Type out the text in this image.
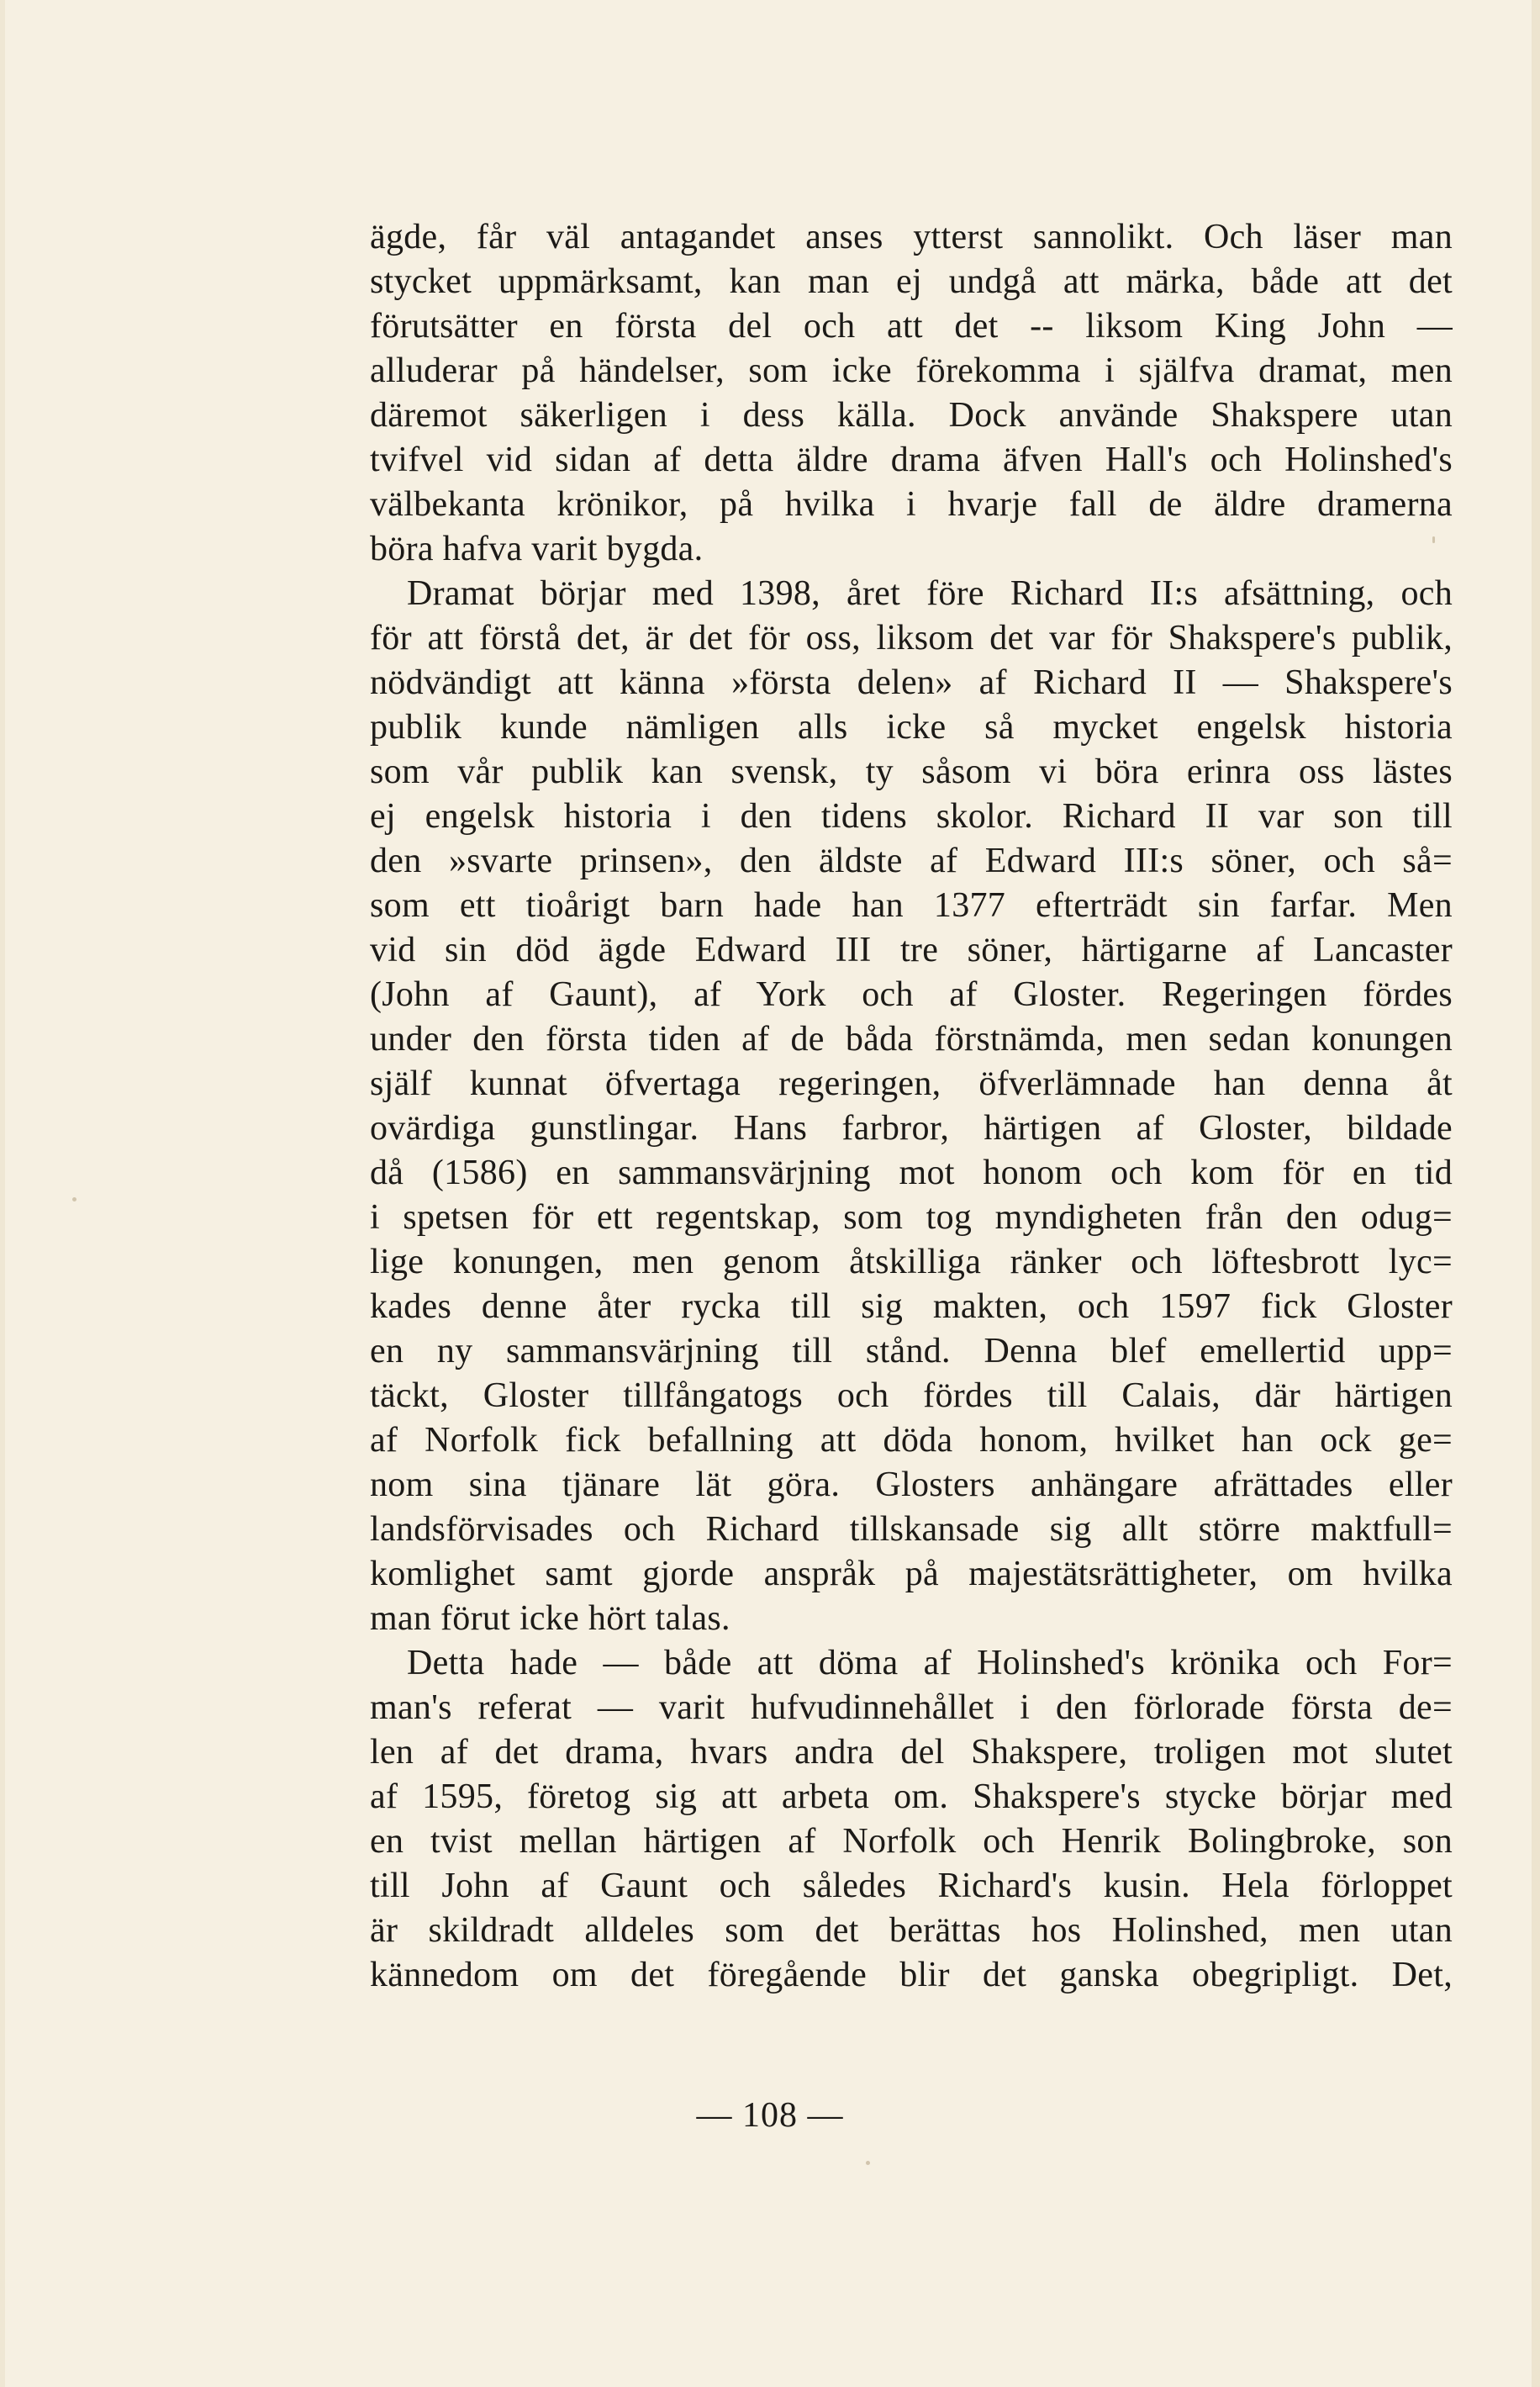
ägde, får väl antagandet anses ytterst sannolikt. Och läser man
stycket uppmärksamt, kan man ej undgå att märka, både att det
förutsätter en första del och att det -- liksom King John —
alluderar på händelser, som icke förekomma i själfva dramat, men
däremot säkerligen i dess källa. Dock använde Shakspere utan
tvifvel vid sidan af detta äldre drama äfven Hall's och Holinshed's
välbekanta krönikor, på hvilka i hvarje fall de äldre dramerna
böra hafva varit bygda.
Dramat börjar med 1398, året före Richard II:s afsättning, och
för att förstå det, är det för oss, liksom det var för Shakspere's publik,
nödvändigt att känna »första delen» af Richard II — Shakspere's
publik kunde nämligen alls icke så mycket engelsk historia
som vår publik kan svensk, ty såsom vi böra erinra oss lästes
ej engelsk historia i den tidens skolor. Richard II var son till
den »svarte prinsen», den äldste af Edward III:s söner, och så=
som ett tioårigt barn hade han 1377 efterträdt sin farfar. Men
vid sin död ägde Edward III tre söner, härtigarne af Lancaster
(John af Gaunt), af York och af Gloster. Regeringen fördes
under den första tiden af de båda förstnämda, men sedan konungen
själf kunnat öfvertaga regeringen, öfverlämnade han denna åt
ovärdiga gunstlingar. Hans farbror, härtigen af Gloster, bildade
då (1586) en sammansvärjning mot honom och kom för en tid
i spetsen för ett regentskap, som tog myndigheten från den odug=
lige konungen, men genom åtskilliga ränker och löftesbrott lyc=
kades denne åter rycka till sig makten, och 1597 fick Gloster
en ny sammansvärjning till stånd. Denna blef emellertid upp=
täckt, Gloster tillfångatogs och fördes till Calais, där härtigen
af Norfolk fick befallning att döda honom, hvilket han ock ge=
nom sina tjänare lät göra. Glosters anhängare afrättades eller
landsförvisades och Richard tillskansade sig allt större maktfull=
komlighet samt gjorde anspråk på majestätsrättigheter, om hvilka
man förut icke hört talas.
Detta hade — både att döma af Holinshed's krönika och For=
man's referat — varit hufvudinnehållet i den förlorade första de=
len af det drama, hvars andra del Shakspere, troligen mot slutet
af 1595, företog sig att arbeta om. Shakspere's stycke börjar med
en tvist mellan härtigen af Norfolk och Henrik Bolingbroke, son
till John af Gaunt och således Richard's kusin. Hela förloppet
är skildradt alldeles som det berättas hos Holinshed, men utan
kännedom om det föregående blir det ganska obegripligt. Det,
— 108 —
